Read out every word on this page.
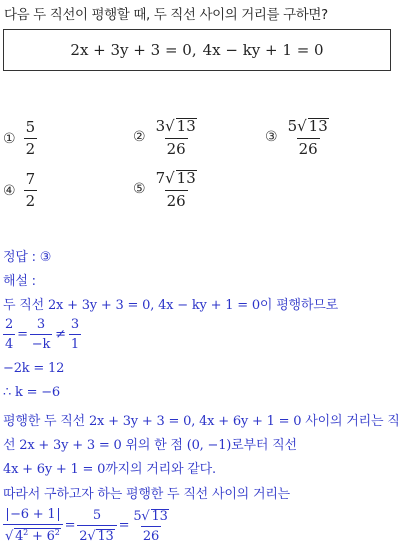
다음 두 직선이 평행할 때, 두 직선 사이의 거리를 구하면?
2x + 3y + 3 = 0 , 4x − ky + 1 = 0
① $\frac{5}{2}$	② $\frac{3√ 13}{26}$	③ $\frac{5√ 13}{26}$
④ $\frac{7}{2}$	⑤ $\frac{7√ 13}{26}$
정답 : ③
해설 :
두 직선 2x + 3y + 3 = 0, 4x − ky + 1 = 0이 평행하므로
$\frac{2}{4} = \frac{3}{-k} \ne \frac{3}{1}$
−2k = 12
∴ k = −6
평행한 두 직선 2x + 3y + 3 = 0, 4x + 6y + 1 = 0 사이의 거리는 직
선 2x + 3y + 3 = 0 위의 한 점 (0, −1)로부터 직선
4x + 6y + 1 = 0까지의 거리와 같다.
따라서 구하고자 하는 평행한 두 직선 사이의 거리는
$\frac{-6 + 1}{√ 4^2 + 6^2} = \frac{5}{2√ 13} = \frac{5√ 13}{26}$
